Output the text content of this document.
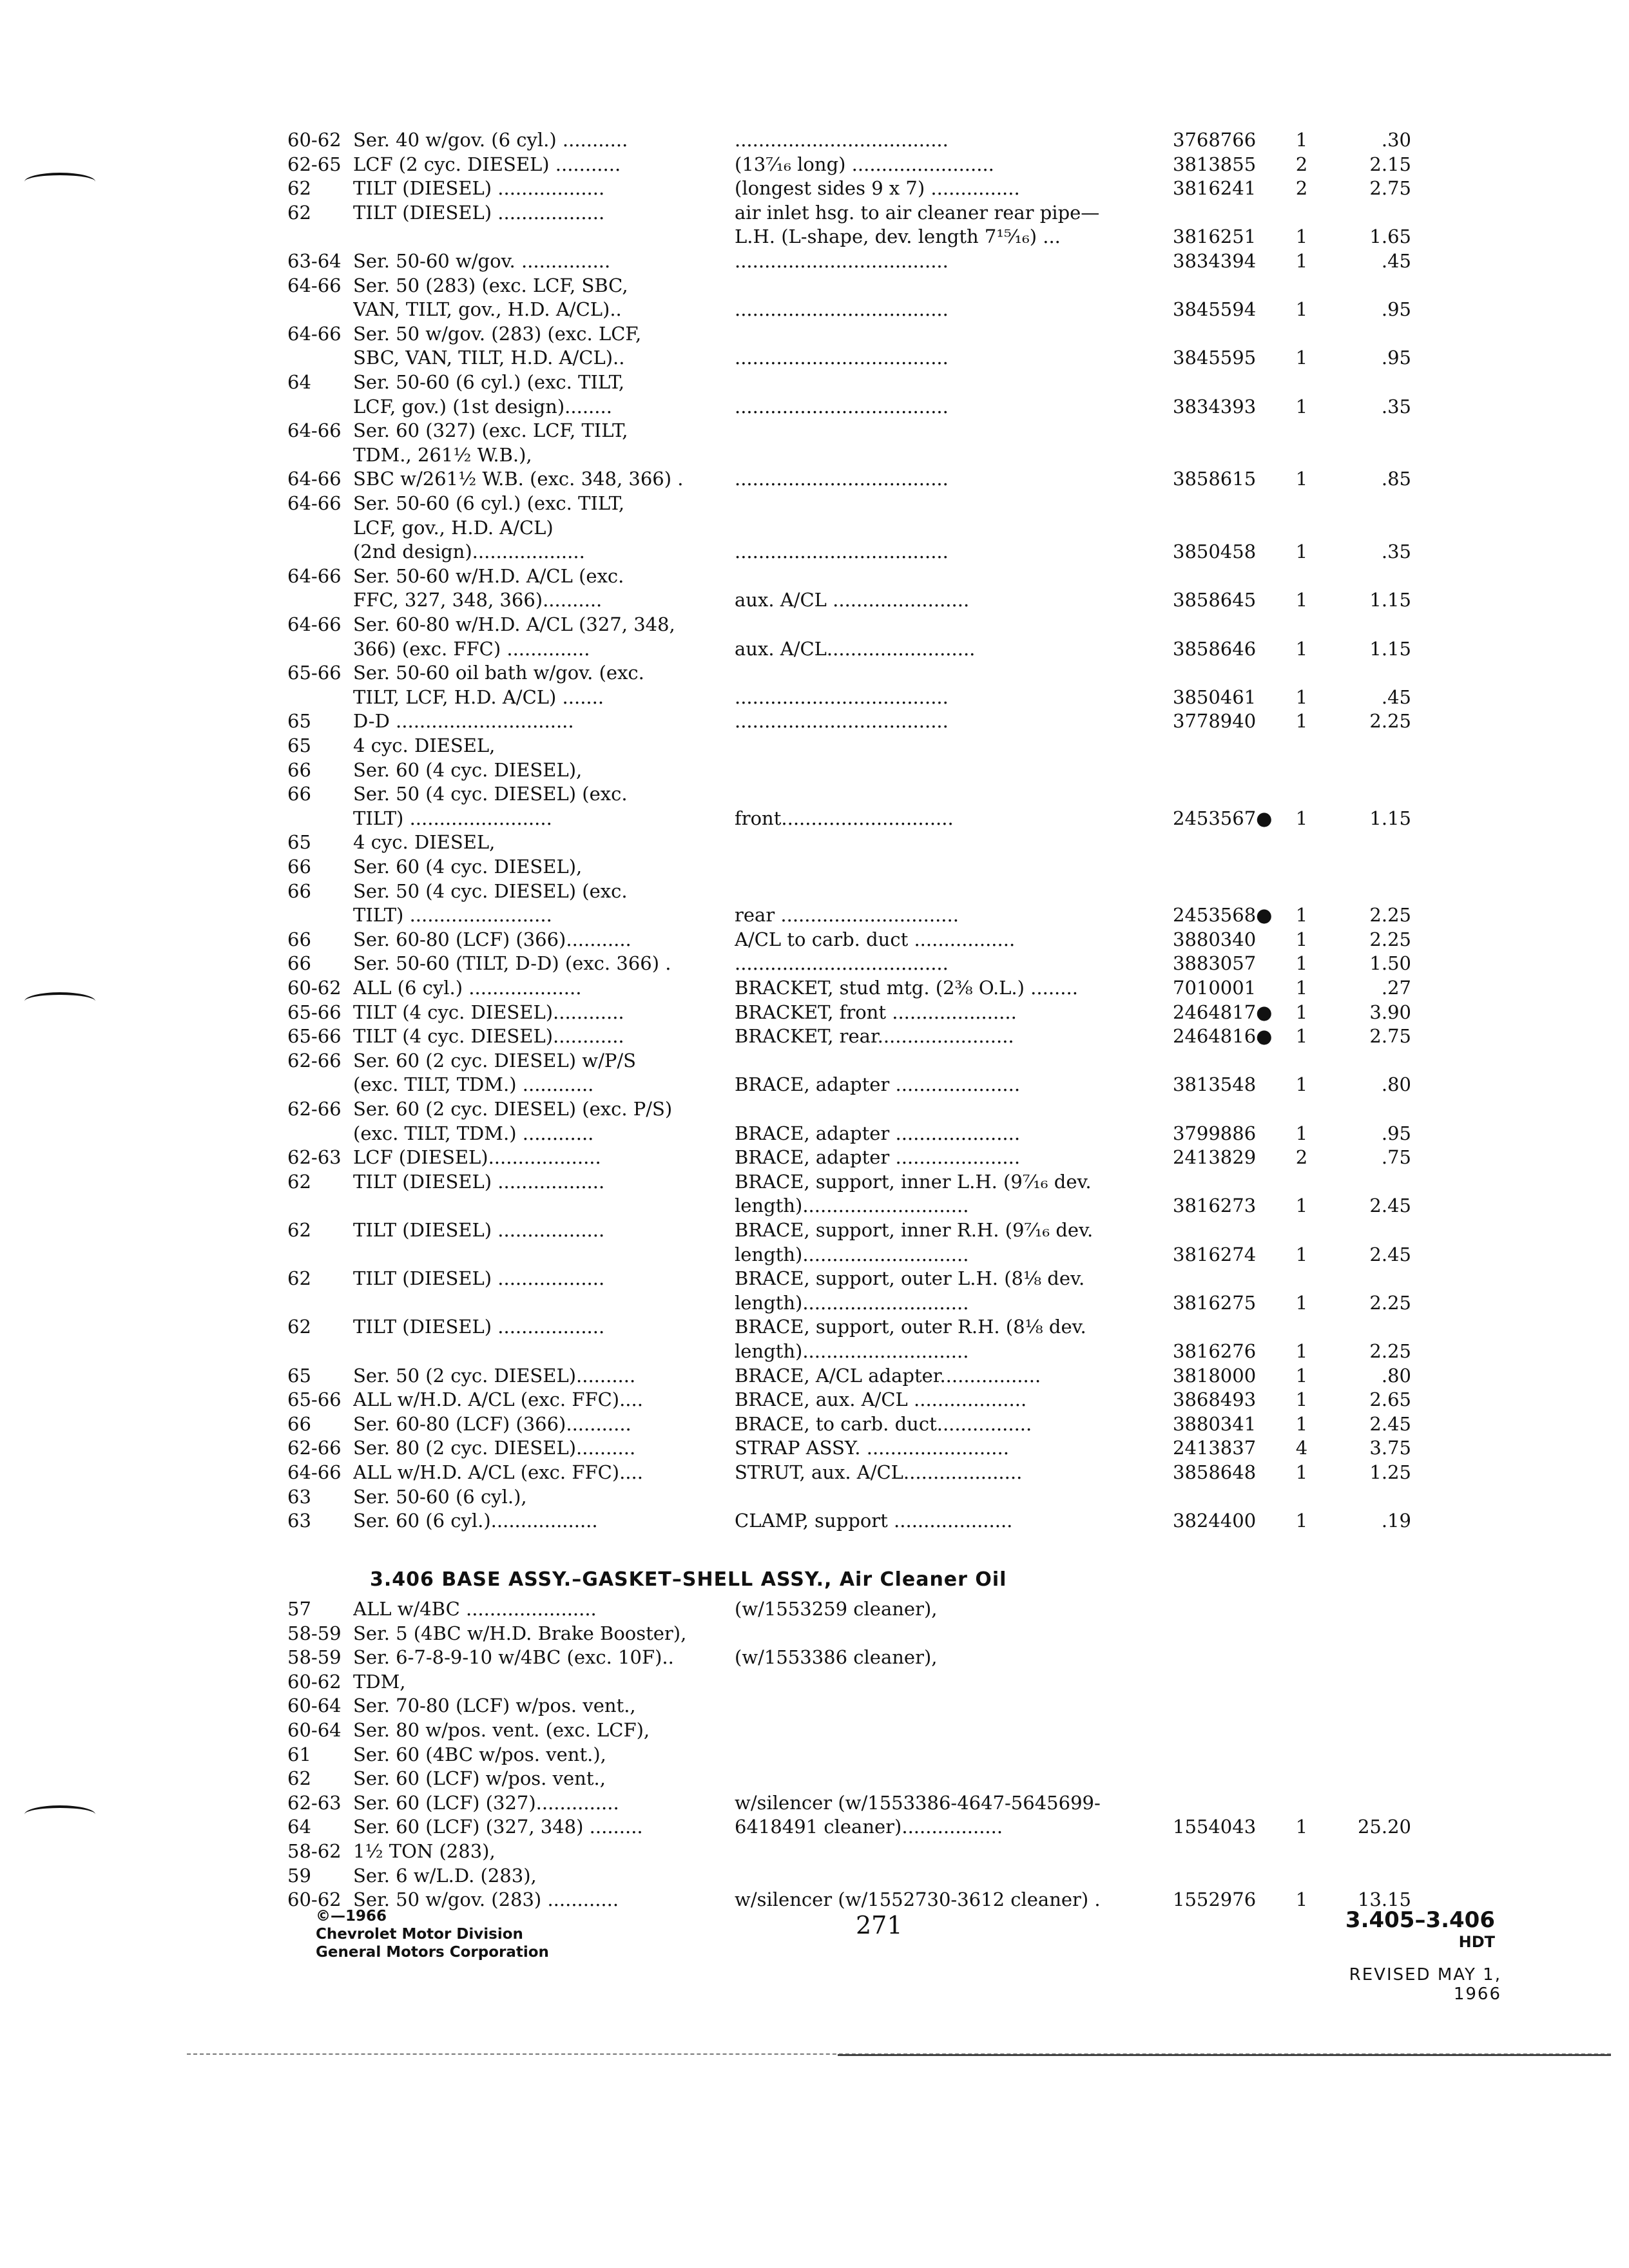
60-62 Ser. 40 w/gov. (6 cyl.) ...........	....................................	3768766	1	.30
62-65 LCF (2 cyc. DIESEL) ...........	(13⁷⁄₁₆ long) ........................	3813855	2	2.15
62	TILT (DIESEL) ..................	(longest sides 9 x 7) ...............	3816241	2	2.75
62	TILT (DIESEL) ..................	air inlet hsg. to air cleaner rear pipe—
L.H. (L-shape, dev. length 7¹⁵⁄₁₆) ...	3816251	1	1.65
63-64 Ser. 50-60 w/gov. ...............	....................................	3834394	1	.45
64-66 Ser. 50 (283) (exc. LCF, SBC,
VAN, TILT, gov., H.D. A/CL)..	....................................	3845594	1	.95
64-66 Ser. 50 w/gov. (283) (exc. LCF,
SBC, VAN, TILT, H.D. A/CL)..	....................................	3845595	1	.95
64	Ser. 50-60 (6 cyl.) (exc. TILT,
LCF, gov.) (1st design)........	....................................	3834393	1	.35
64-66 Ser. 60 (327) (exc. LCF, TILT,
TDM., 261½ W.B.),
64-66 SBC w/261½ W.B. (exc. 348, 366) .	....................................	3858615	1	.85
64-66 Ser. 50-60 (6 cyl.) (exc. TILT,
LCF, gov., H.D. A/CL)
(2nd design)...................	....................................	3850458	1	.35
64-66 Ser. 50-60 w/H.D. A/CL (exc.
FFC, 327, 348, 366)..........	aux. A/CL .......................	3858645	1	1.15
64-66 Ser. 60-80 w/H.D. A/CL (327, 348,
366) (exc. FFC) ..............	aux. A/CL.........................	3858646	1	1.15
65-66 Ser. 50-60 oil bath w/gov. (exc.
TILT, LCF, H.D. A/CL) .......	....................................	3850461	1	.45
65	D-D ..............................	....................................	3778940	1	2.25
65	4 cyc. DIESEL,
66	Ser. 60 (4 cyc. DIESEL),
66	Ser. 50 (4 cyc. DIESEL) (exc.
TILT) ........................	front.............................	2453567●	1	1.15
65	4 cyc. DIESEL,
66	Ser. 60 (4 cyc. DIESEL),
66	Ser. 50 (4 cyc. DIESEL) (exc.
TILT) ........................	rear ..............................	2453568●	1	2.25
66	Ser. 60-80 (LCF) (366)...........	A/CL to carb. duct .................	3880340	1	2.25
66	Ser. 50-60 (TILT, D-D) (exc. 366) .	....................................	3883057	1	1.50
60-62 ALL (6 cyl.) ...................	BRACKET, stud mtg. (2⅜ O.L.) ........	7010001	1	.27
65-66 TILT (4 cyc. DIESEL)............	BRACKET, front .....................	2464817●	1	3.90
65-66 TILT (4 cyc. DIESEL)............	BRACKET, rear.......................	2464816●	1	2.75
62-66 Ser. 60 (2 cyc. DIESEL) w/P/S
(exc. TILT, TDM.) ............	BRACE, adapter .....................	3813548	1	.80
62-66 Ser. 60 (2 cyc. DIESEL) (exc. P/S)
(exc. TILT, TDM.) ............	BRACE, adapter .....................	3799886	1	.95
62-63 LCF (DIESEL)...................	BRACE, adapter .....................	2413829	2	.75
62	TILT (DIESEL) ..................	BRACE, support, inner L.H. (9⁷⁄₁₆ dev.
length)............................	3816273	1	2.45
62	TILT (DIESEL) ..................	BRACE, support, inner R.H. (9⁷⁄₁₆ dev.
length)............................	3816274	1	2.45
62	TILT (DIESEL) ..................	BRACE, support, outer L.H. (8⅛ dev.
length)............................	3816275	1	2.25
62	TILT (DIESEL) ..................	BRACE, support, outer R.H. (8⅛ dev.
length)............................	3816276	1	2.25
65	Ser. 50 (2 cyc. DIESEL)..........	BRACE, A/CL adapter.................	3818000	1	.80
65-66 ALL w/H.D. A/CL (exc. FFC)....	BRACE, aux. A/CL ...................	3868493	1	2.65
66	Ser. 60-80 (LCF) (366)...........	BRACE, to carb. duct................	3880341	1	2.45
62-66 Ser. 80 (2 cyc. DIESEL)..........	STRAP ASSY. ........................	2413837	4	3.75
64-66 ALL w/H.D. A/CL (exc. FFC)....	STRUT, aux. A/CL....................	3858648	1	1.25
63	Ser. 50-60 (6 cyl.),
63	Ser. 60 (6 cyl.)..................	CLAMP, support ....................	3824400	1	.19
57	ALL w/4BC ......................	(w/1553259 cleaner),
58-59 Ser. 5 (4BC w/H.D. Brake Booster),
58-59 Ser. 6-7-8-9-10 w/4BC (exc. 10F)..	(w/1553386 cleaner),
60-62 TDM,
60-64 Ser. 70-80 (LCF) w/pos. vent.,
60-64 Ser. 80 w/pos. vent. (exc. LCF),
61	Ser. 60 (4BC w/pos. vent.),
62	Ser. 60 (LCF) w/pos. vent.,
62-63 Ser. 60 (LCF) (327)..............	w/silencer (w/1553386-4647-5645699-
64	Ser. 60 (LCF) (327, 348) .........	6418491 cleaner).................	1554043	1	25.20
58-62 1½ TON (283),
59	Ser. 6 w/L.D. (283),
60-62 Ser. 50 w/gov. (283) ............	w/silencer (w/1552730-3612 cleaner) .	1552976	1	13.15
3.406 BASE ASSY.–GASKET–SHELL ASSY., Air Cleaner Oil
©—1966
Chevrolet Motor Division
General Motors Corporation
271	3.405–3.406
HDT
REVISED MAY 1, 1966
